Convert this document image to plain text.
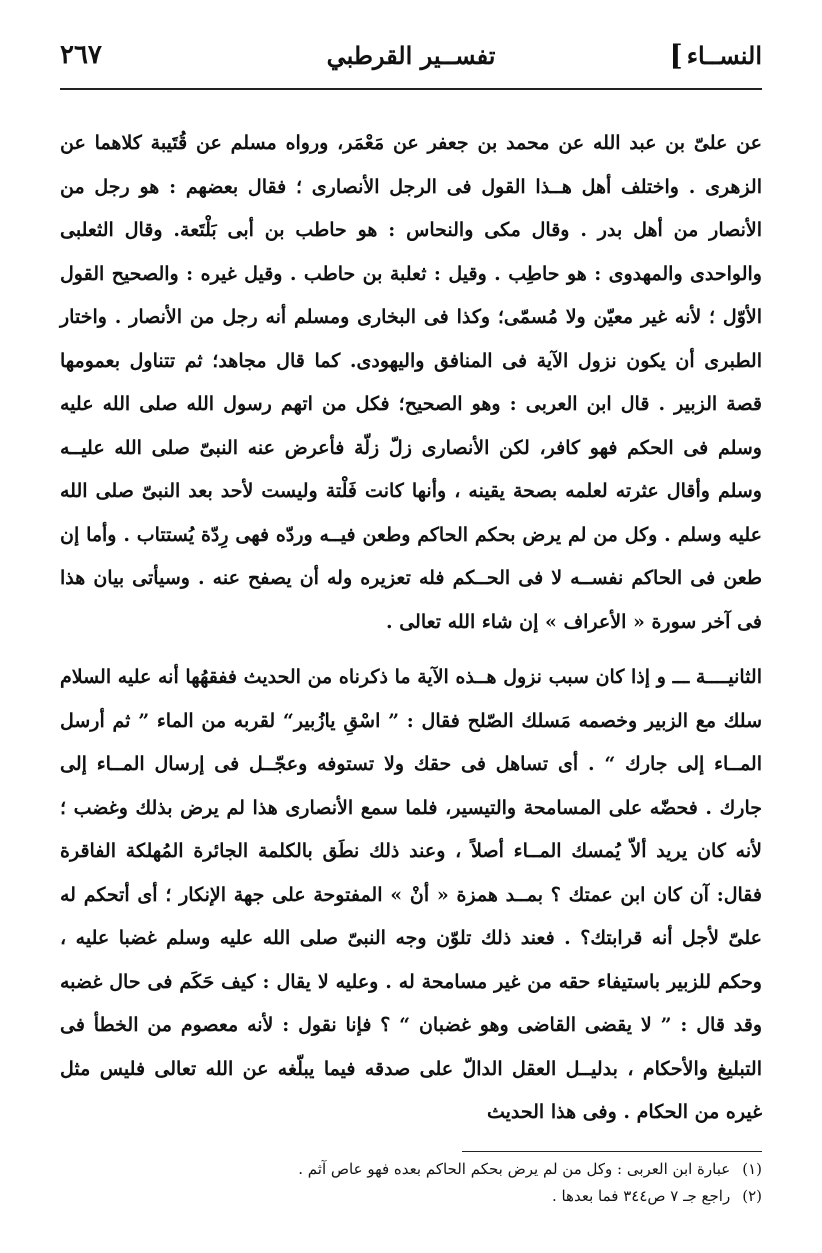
النســاء
]
تفســير القرطبي
٢٦٧

عن علىّ بن عبد الله عن محمد بن جعفر عن مَعْمَر، ورواه مسلم عن قُتَيبة كلاهما عن الزهرى . واختلف أهل هــذا القول فى الرجل الأنصارى ؛ فقال بعضهم : هو رجل من الأنصار من أهل بدر . وقال مكى والنحاس : هو حاطب بن أبى بَلْتَعة. وقال الثعلبى والواحدى والمهدوى : هو حاطِب . وقيل : ثعلبة بن حاطب . وقيل غيره : والصحيح القول الأوّل ؛ لأنه غير معيّن ولا مُسمّى؛ وكذا فى البخارى ومسلم أنه رجل من الأنصار . واختار الطبرى أن يكون نزول الآية فى المنافق واليهودى. كما قال مجاهد؛ ثم تتناول بعمومها قصة الزبير . قال ابن العربى : وهو الصحيح؛ فكل من اتهم رسول الله صلى الله عليه وسلم فى الحكم فهو كافر، لكن الأنصارى زلّ زلّة فأعرض عنه النبىّ صلى الله عليــه وسلم وأقال عثرته لعلمه بصحة يقينه ، وأنها كانت فَلْتة وليست لأحد بعد النبىّ صلى الله عليه وسلم . وكل من لم يرض بحكم الحاكم وطعن فيــه وردّه فهى رِدّة يُستتاب . وأما إن طعن فى الحاكم نفســه لا فى الحــكم فله تعزيره وله أن يصفح عنه . وسيأتى بيان هذا فى آخر سورة « الأعراف » إن شاء الله تعالى .

الثانيــــة ـــ و إذا كان سبب نزول هــذه الآية ما ذكرناه من الحديث ففقهُها أنه عليه السلام سلك مع الزبير وخصمه مَسلك الصّلح فقال : ” اسْقِ يازُبير“ لقربه من الماء ” ثم أرسل المــاء إلى جارك “ . أى تساهل فى حقك ولا تستوفه وعجّــل فى إرسال المــاء إلى جارك . فحضّه على المسامحة والتيسير، فلما سمع الأنصارى هذا لم يرض بذلك وغضب ؛ لأنه كان يريد ألاّ يُمسك المــاء أصلاً ، وعند ذلك نطَق بالكلمة الجائرة المُهلكة الفاقرة فقال: آن كان ابن عمتك ؟ بمــد همزة « أنْ » المفتوحة على جهة الإنكار ؛ أى أتحكم له علىّ لأجل أنه قرابتك؟ . فعند ذلك تلوّن وجه النبىّ صلى الله عليه وسلم غضبا عليه ، وحكم للزبير باستيفاء حقه من غير مسامحة له . وعليه لا يقال : كيف حَكَم فى حال غضبه وقد قال : ” لا يقضى القاضى وهو غضبان “ ؟ فإنا نقول : لأنه معصوم من الخطأ فى التبليغ والأحكام ، بدليــل العقل الدالّ على صدقه فيما يبلّغه عن الله تعالى فليس مثل غيره من الحكام . وفى هذا الحديث

(١)
عبارة ابن العربى : وكل من لم يرض بحكم الحاكم بعده فهو عاص آثم .
(٢)
راجع جـ ٧ ص٣٤٤ فما بعدها .
